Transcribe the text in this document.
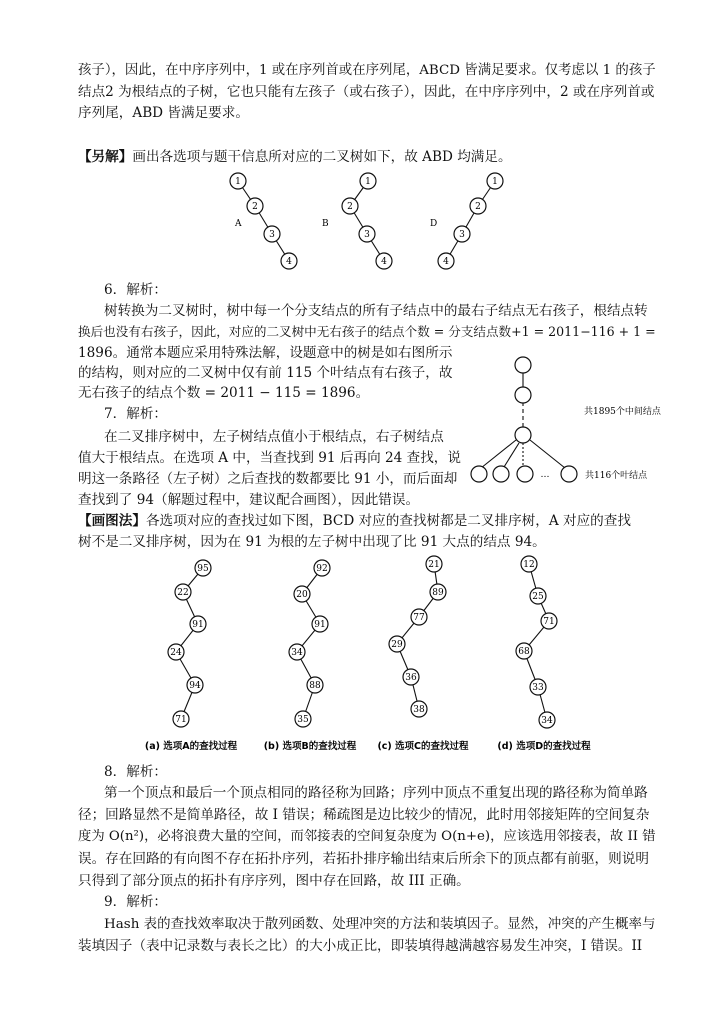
孩子），因此，在中序序列中，1 或在序列首或在序列尾，ABCD 皆满足要求。仅考虑以 1 的孩子
结点2 为根结点的子树，它也只能有左孩子（或右孩子），因此，在中序序列中，2 或在序列首或
序列尾，ABD 皆满足要求。
【另解】画出各选项与题干信息所对应的二叉树如下，故 ABD 均满足。
1
2
3
4
A
1
2
3
4
B
1
2
3
4
D
6．解析：
树转换为二叉树时，树中每一个分支结点的所有子结点中的最右子结点无右孩子，根结点转
换后也没有右孩子，因此，对应的二叉树中无右孩子的结点个数 = 分支结点数+1 = 2011−116 + 1 =
1896。通常本题应采用特殊法解，设题意中的树是如右图所示
的结构，则对应的二叉树中仅有前 115 个叶结点有右孩子，故
无右孩子的结点个数 = 2011 − 115 = 1896。
…
共1895个中间结点
共116个叶结点
7．解析：
在二叉排序树中，左子树结点值小于根结点，右子树结点
值大于根结点。在选项 A 中，当查找到 91 后再向 24 查找，说
明这一条路径（左子树）之后查找的数都要比 91 小，而后面却
查找到了 94（解题过程中，建议配合画图），因此错误。
【画图法】各选项对应的查找过如下图，BCD 对应的查找树都是二叉排序树，A 对应的查找
树不是二叉排序树，因为在 91 为根的左子树中出现了比 91 大点的结点 94。
95
22
91
24
94
71
(a) 选项A的查找过程
92
20
91
34
88
35
(b) 选项B的查找过程
21
89
77
29
36
38
(c) 选项C的查找过程
12
25
71
68
33
34
(d) 选项D的查找过程
8．解析：
第一个顶点和最后一个顶点相同的路径称为回路；序列中顶点不重复出现的路径称为简单路
径；回路显然不是简单路径，故 I 错误；稀疏图是边比较少的情况，此时用邻接矩阵的空间复杂
度为 O(n²)，必将浪费大量的空间，而邻接表的空间复杂度为 O(n+e)，应该选用邻接表，故 II 错
误。存在回路的有向图不存在拓扑序列，若拓扑排序输出结束后所余下的顶点都有前驱，则说明
只得到了部分顶点的拓扑有序序列，图中存在回路，故 III 正确。
9．解析：
Hash 表的查找效率取决于散列函数、处理冲突的方法和装填因子。显然，冲突的产生概率与
装填因子（表中记录数与表长之比）的大小成正比，即装填得越满越容易发生冲突，I 错误。II
